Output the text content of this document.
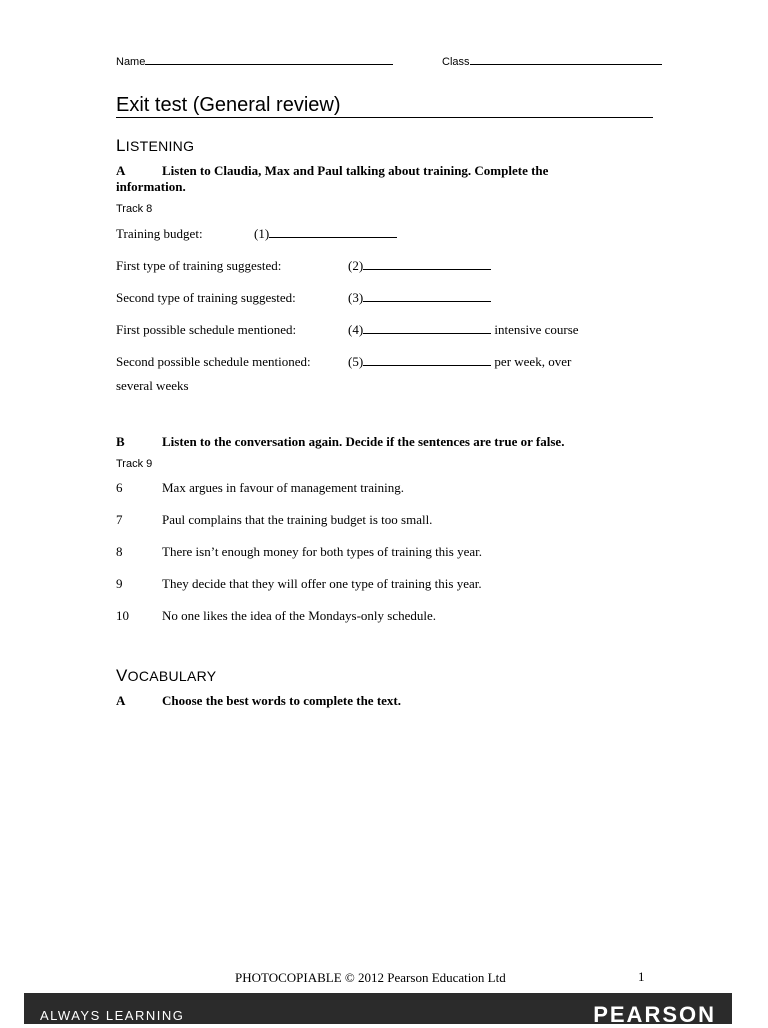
Name	Class
Exit test (General review)
LISTENING
A	Listen to Claudia, Max and Paul talking about training. Complete the
information.
Track 8
Training budget:	(1)
First type of training suggested:	(2)
Second type of training suggested:	(3)
First possible schedule mentioned:	(4)	intensive course
Second possible schedule mentioned:	(5)	per week, over
several weeks
B	Listen to the conversation again. Decide if the sentences are true or false.
Track 9
6	Max argues in favour of management training.
7	Paul complains that the training budget is too small.
8	There isn’t enough money for both types of training this year.
9	They decide that they will offer one type of training this year.
10	No one likes the idea of the Mondays-only schedule.
VOCABULARY
A	Choose the best words to complete the text.
PHOTOCOPIABLE © 2012 Pearson Education Ltd	1
ALWAYS LEARNING	PEARSON
